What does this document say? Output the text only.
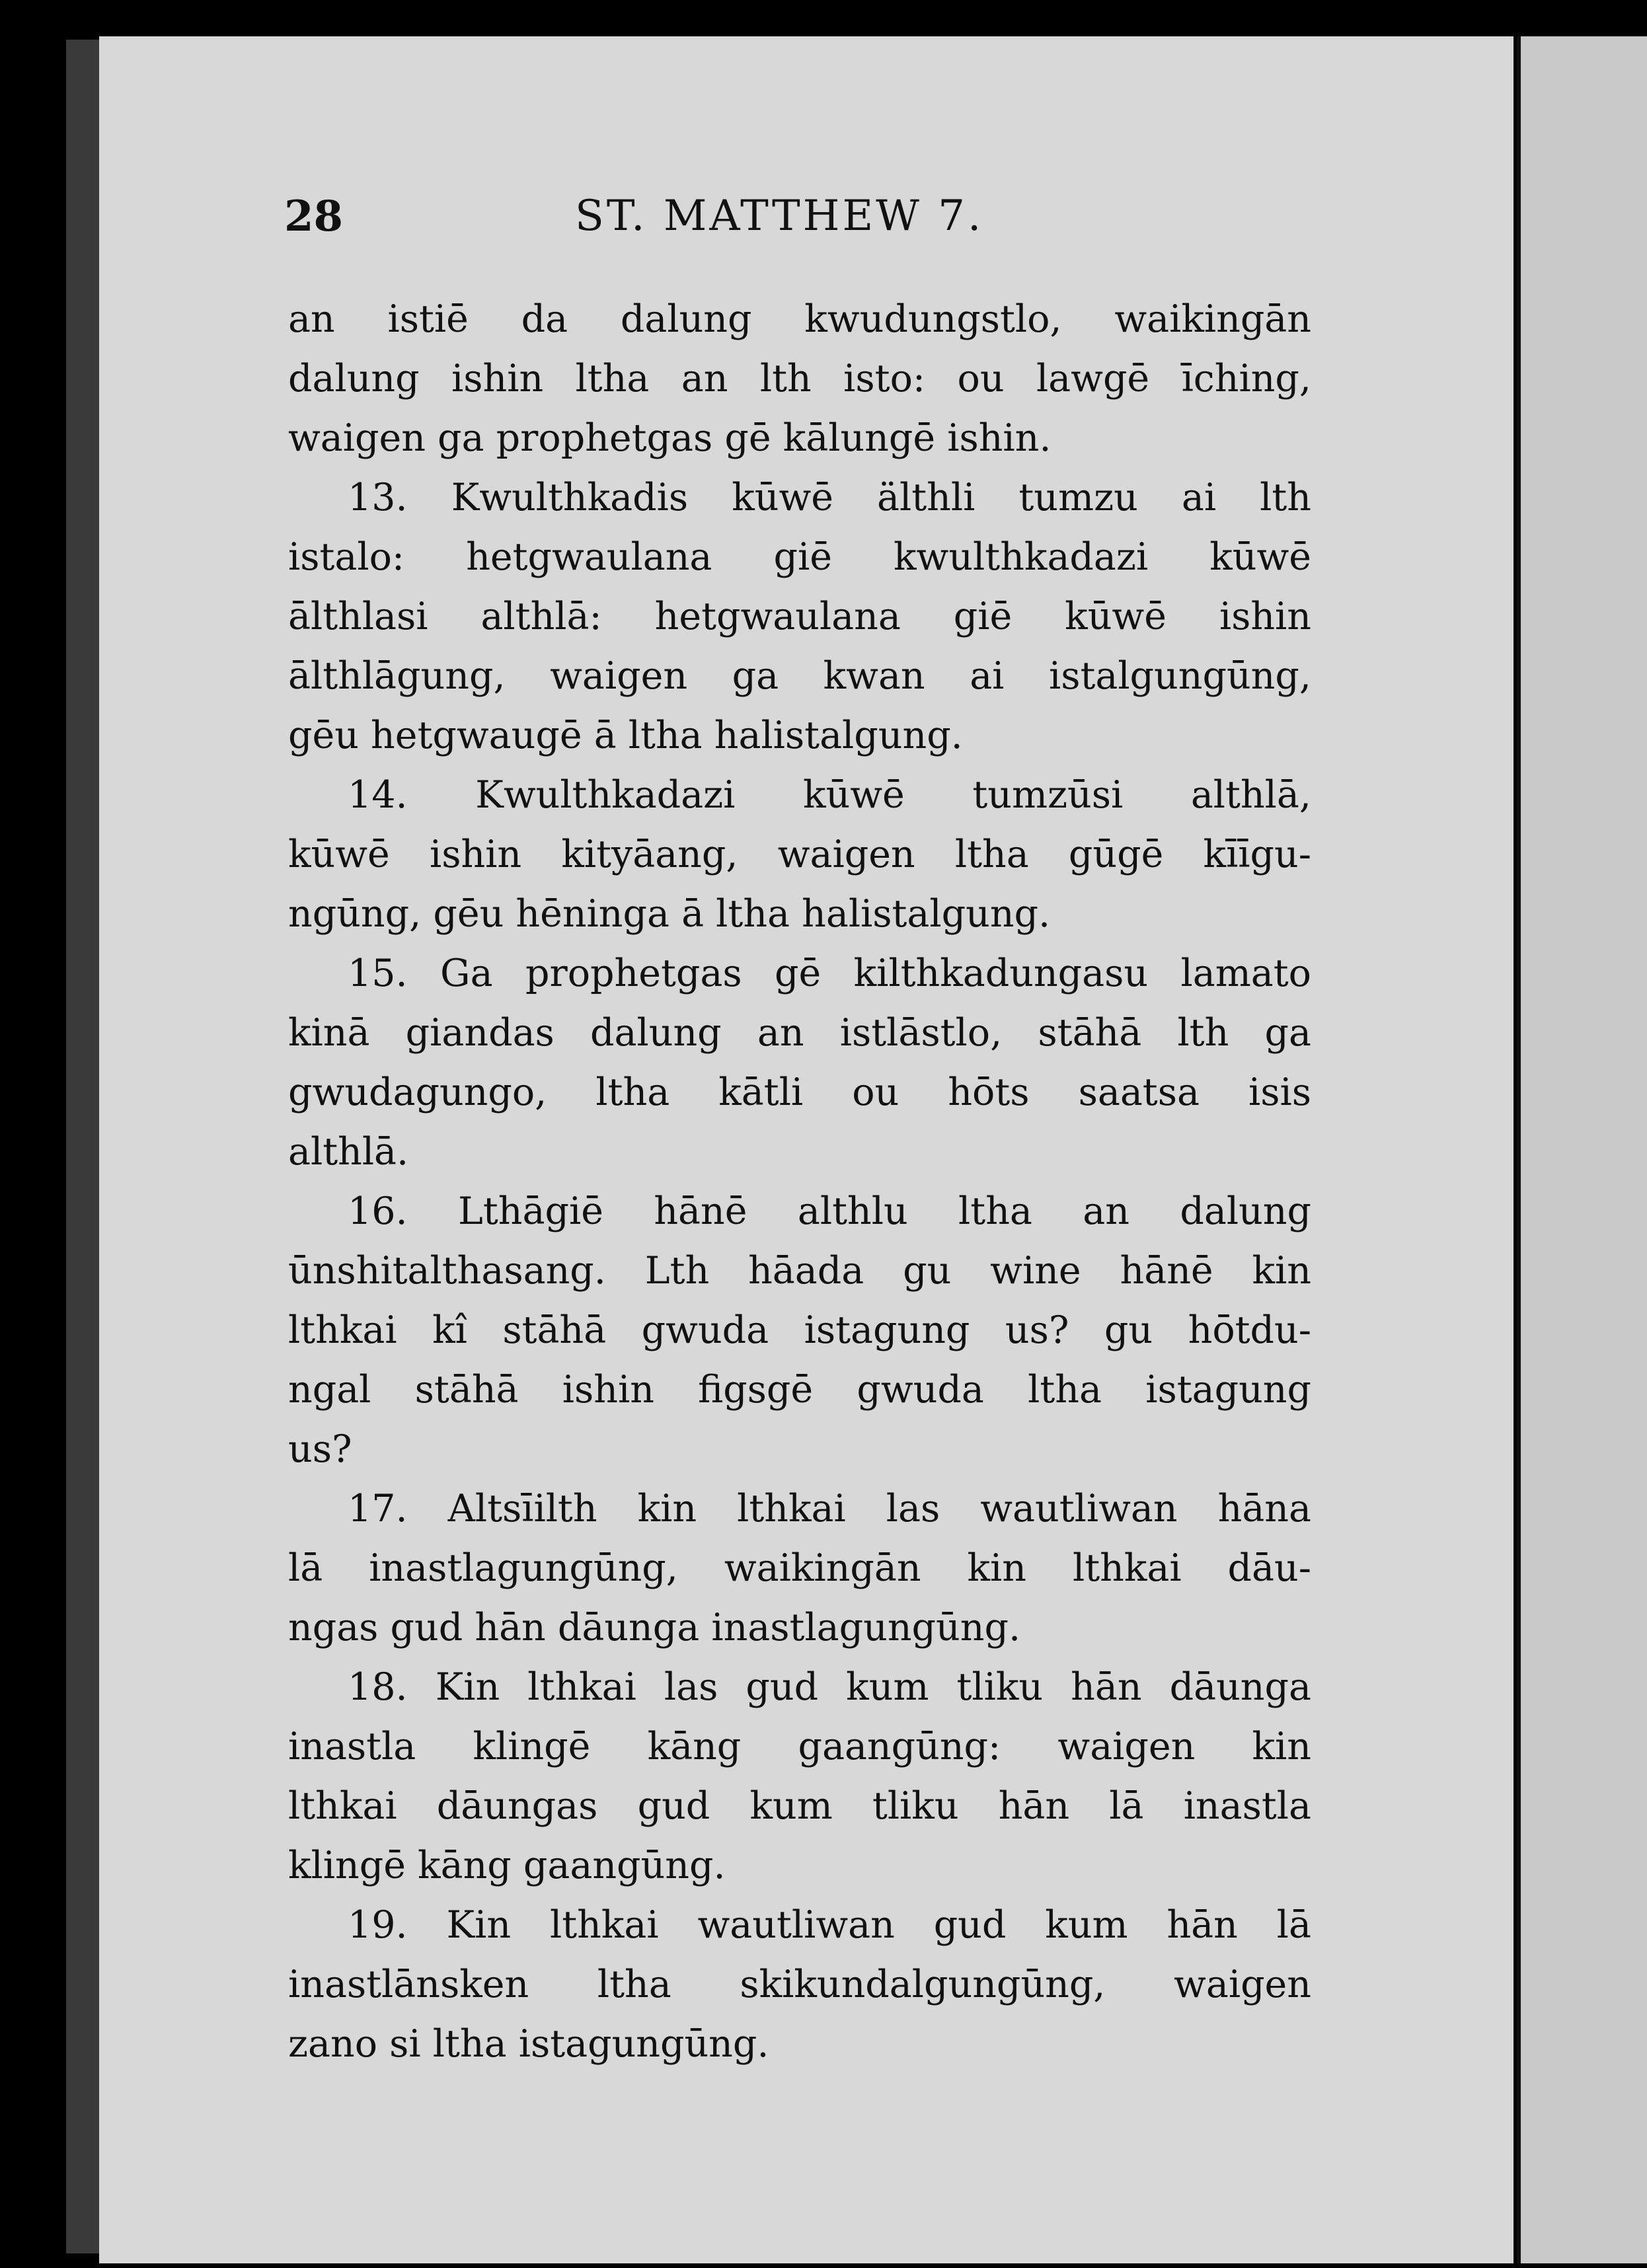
28	ST. MATTHEW 7.
an istiē da dalung kwudungstlo, waikingān
dalung ishin ltha an lth isto: ou lawgē īching,
waigen ga prophetgas gē kālungē ishin.
13. Kwulthkadis kūwē älthli tumzu ai lth
istalo: hetgwaulana giē kwulthkadazi kūwē
ālthlasi althlā: hetgwaulana giē kūwē ishin
ālthlāgung, waigen ga kwan ai istalgungūng,
gēu hetgwaugē ā ltha halistalgung.
14. Kwulthkadazi kūwē tumzūsi althlā,
kūwē ishin kityāang, waigen ltha gūgē kīīgu-
ngūng, gēu hēninga ā ltha halistalgung.
15. Ga prophetgas gē kilthkadungasu lamato
kinā giandas dalung an istlāstlo, stāhā lth ga
gwudagungo, ltha kātli ou hōts saatsa isis
althlā.
16. Lthāgiē hānē althlu ltha an dalung
ūnshitalthasang. Lth hāada gu wine hānē kin
lthkai kî stāhā gwuda istagung us? gu hōtdu-
ngal stāhā ishin figsgē gwuda ltha istagung
us?
17. Altsīilth kin lthkai las wautliwan hāna
lā inastlagungūng, waikingān kin lthkai dāu-
ngas gud hān dāunga inastlagungūng.
18. Kin lthkai las gud kum tliku hān dāunga
inastla klingē kāng gaangūng: waigen kin
lthkai dāungas gud kum tliku hān lā inastla
klingē kāng gaangūng.
19. Kin lthkai wautliwan gud kum hān lā
inastlānsken ltha skikundalgungūng, waigen
zano si ltha istagungūng.
